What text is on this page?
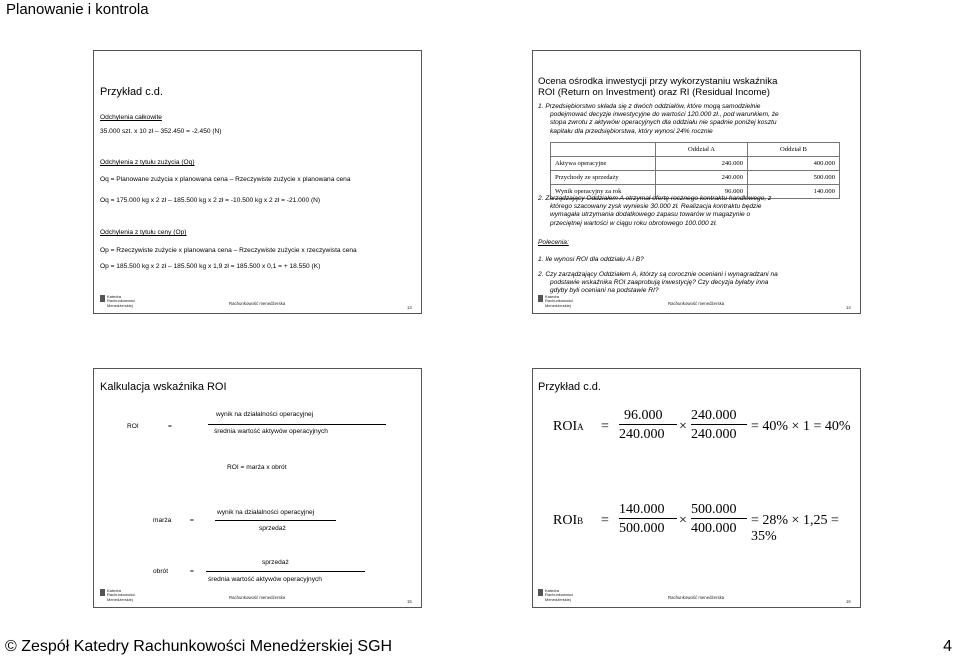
Planowanie i kontrola
Przykład c.d.
Odchylenia całkowite
35.000 szt. x 10 zł – 352.450 = -2.450 (N)
Odchylenia z tytułu zużycia (Oq)
Oq = Planowane zużycia x planowana cena – Rzeczywiste zużycie x planowana cena
Oq = 175.000 kg x 2 zł – 185.500 kg x 2 zł = -10.500 kg x 2 zł = -21.000 (N)
Odchylenia z tytułu ceny (Op)
Op = Rzeczywiste zużycie x planowana cena – Rzeczywiste zużycie x rzeczywista cena
Op = 185.500 kg x 2 zł – 185.500 kg x 1,9 zł = 185.500 x 0,1 = + 18.550 (K)
Katedra
Rachunkowości
Menedżerskiej	Rachunkowość menedżerska
13
Ocena ośrodka inwestycji przy wykorzystaniu wskaźnika
ROI (Return on Investment) oraz RI (Residual Income)
1. Przedsiębiorstwo składa się z dwóch oddziałów, które mogą samodzielnie
podejmować decyzje inwestycyjne do wartości 120.000 zł., pod warunkiem, że
stopa zwrotu z aktywów operacyjnych dla oddziału nie spadnie poniżej kosztu
kapitału dla przedsiębiorstwa, który wynosi 24% rocznie
	Oddział A	Oddział B
Aktywa operacyjne	240.000	400.000
Przychody ze sprzedaży	240.000	500.000
Wynik operacyjny za rok	96.000	140.000
2. Zarządzający Oddziałem A otrzymał ofertę rocznego kontraktu handlowego, z
którego szacowany zysk wyniesie 30.000 zł. Realizacja kontraktu będzie
wymagała utrzymania dodatkowego zapasu towarów w magazynie o
przeciętnej wartości w ciągu roku obrotowego 100.000 zł.
Polecenia:
1. Ile wynosi ROI dla oddziału A i B?
2. Czy zarządzający Oddziałem A, którzy są corocznie oceniani i wynagradzani na
podstawie wskaźnika ROI zaaprobują inwestycję? Czy decyzja byłaby inna
gdyby byli oceniani na podstawie RI?
Katedra
Rachunkowości
Menedżerskiej	Rachunkowość menedżerska
14
Kalkulacja wskaźnika ROI
ROI	=
wynik na działalności operacyjnej
średnia wartość aktywów operacyjnych
ROI = marża x obrót
marża	=
wynik na działalności operacyjnej
sprzedaż
obrót	=
sprzedaż
średnia wartość aktywów operacyjnych
Katedra
Rachunkowości
Menedżerskiej	Rachunkowość menedżerska
15
Przykład c.d.
ROIA =
96.000
240.000
×
240.000
240.000
= 40% × 1 = 40%
ROIB =
140.000
500.000
×
500.000
400.000
= 28% × 1,25 = 35%
Katedra
Rachunkowości
Menedżerskiej	Rachunkowość menedżerska
16
© Zespół Katedry Rachunkowości Menedżerskiej SGH	4
